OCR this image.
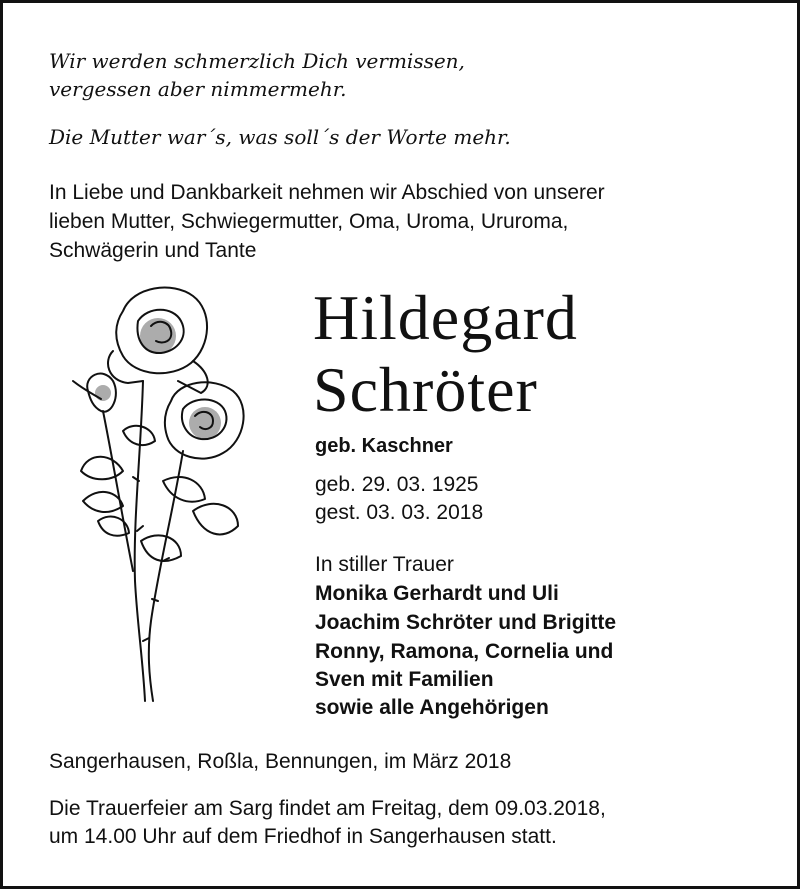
Wir werden schmerzlich Dich vermissen,
vergessen aber nimmermehr.
Die Mutter war´s, was soll´s der Worte mehr.
In Liebe und Dankbarkeit nehmen wir Abschied von unserer
lieben Mutter, Schwiegermutter, Oma, Uroma, Ururoma,
Schwägerin und Tante
Hildegard
Schröter
geb. Kaschner
geb. 29. 03. 1925
gest. 03. 03. 2018
In stiller Trauer
Monika Gerhardt und Uli
Joachim Schröter und Brigitte
Ronny, Ramona, Cornelia und
Sven mit Familien
sowie alle Angehörigen
Sangerhausen, Roßla, Bennungen, im März 2018
Die Trauerfeier am Sarg findet am Freitag, dem 09.03.2018,
um 14.00 Uhr auf dem Friedhof in Sangerhausen statt.
